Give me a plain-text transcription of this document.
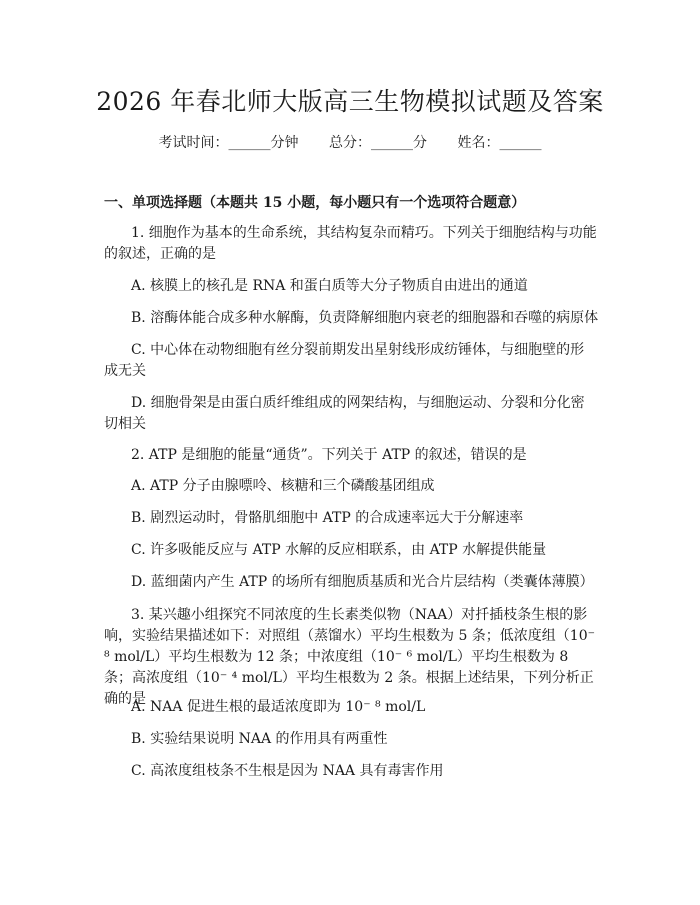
2026 年春北师大版高三生物模拟试题及答案
考试时间：______分钟 总分：______分 姓名：______
一、单项选择题（本题共 15 小题，每小题只有一个选项符合题意）
1. 细胞作为基本的生命系统，其结构复杂而精巧。下列关于细胞结构与功能的叙述，正确的是
A. 核膜上的核孔是 RNA 和蛋白质等大分子物质自由进出的通道
B. 溶酶体能合成多种水解酶，负责降解细胞内衰老的细胞器和吞噬的病原体
C. 中心体在动物细胞有丝分裂前期发出星射线形成纺锤体，与细胞壁的形成无关
D. 细胞骨架是由蛋白质纤维组成的网架结构，与细胞运动、分裂和分化密切相关
2. ATP 是细胞的能量“通货”。下列关于 ATP 的叙述，错误的是
A. ATP 分子由腺嘌呤、核糖和三个磷酸基团组成
B. 剧烈运动时，骨骼肌细胞中 ATP 的合成速率远大于分解速率
C. 许多吸能反应与 ATP 水解的反应相联系，由 ATP 水解提供能量
D. 蓝细菌内产生 ATP 的场所有细胞质基质和光合片层结构（类囊体薄膜）
3. 某兴趣小组探究不同浓度的生长素类似物（NAA）对扦插枝条生根的影响，实验结果描述如下：对照组（蒸馏水）平均生根数为 5 条；低浓度组（10⁻ ⁸ mol/L）平均生根数为 12 条；中浓度组（10⁻ ⁶ mol/L）平均生根数为 8 条；高浓度组（10⁻ ⁴ mol/L）平均生根数为 2 条。根据上述结果，下列分析正确的是
A. NAA 促进生根的最适浓度即为 10⁻ ⁸ mol/L
B. 实验结果说明 NAA 的作用具有两重性
C. 高浓度组枝条不生根是因为 NAA 具有毒害作用
